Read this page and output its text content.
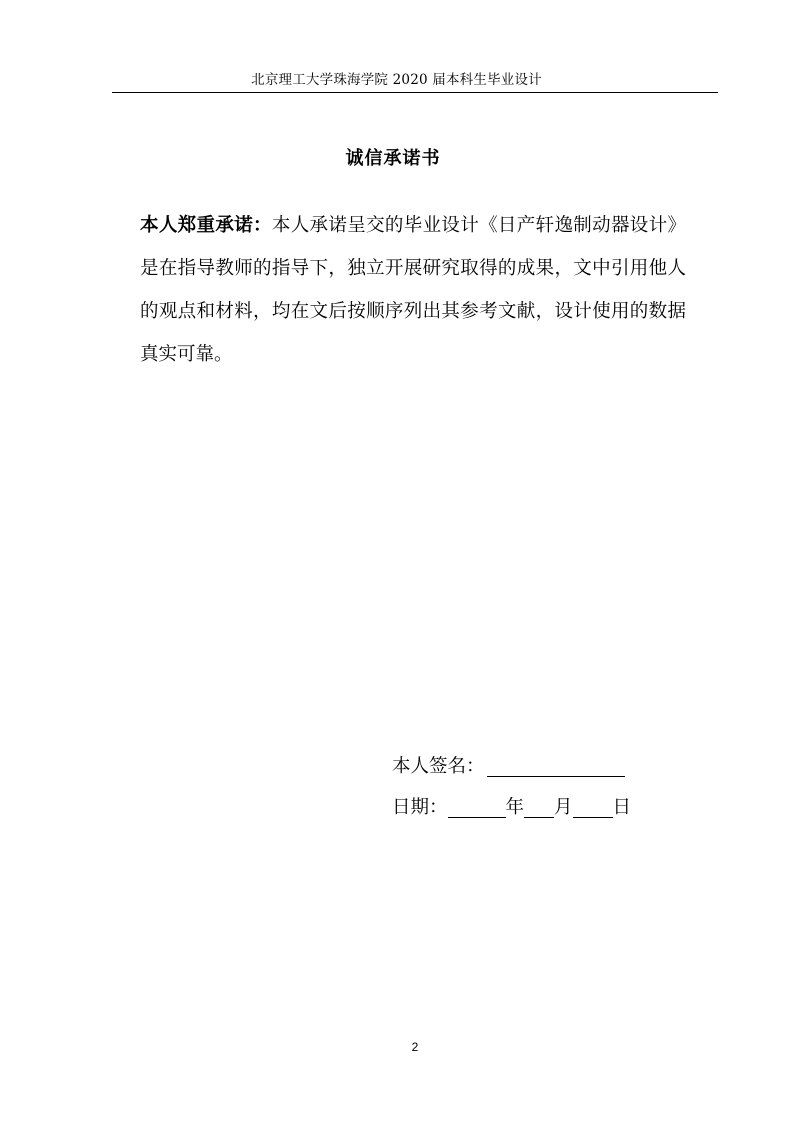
北京理工大学珠海学院 2020 届本科生毕业设计
诚信承诺书
本人郑重承诺：本人承诺呈交的毕业设计《日产轩逸制动器设计》是在指导教师的指导下，独立开展研究取得的成果，文中引用他人的观点和材料，均在文后按顺序列出其参考文献，设计使用的数据真实可靠。
本人签名：
日期：	年 月 日
2
